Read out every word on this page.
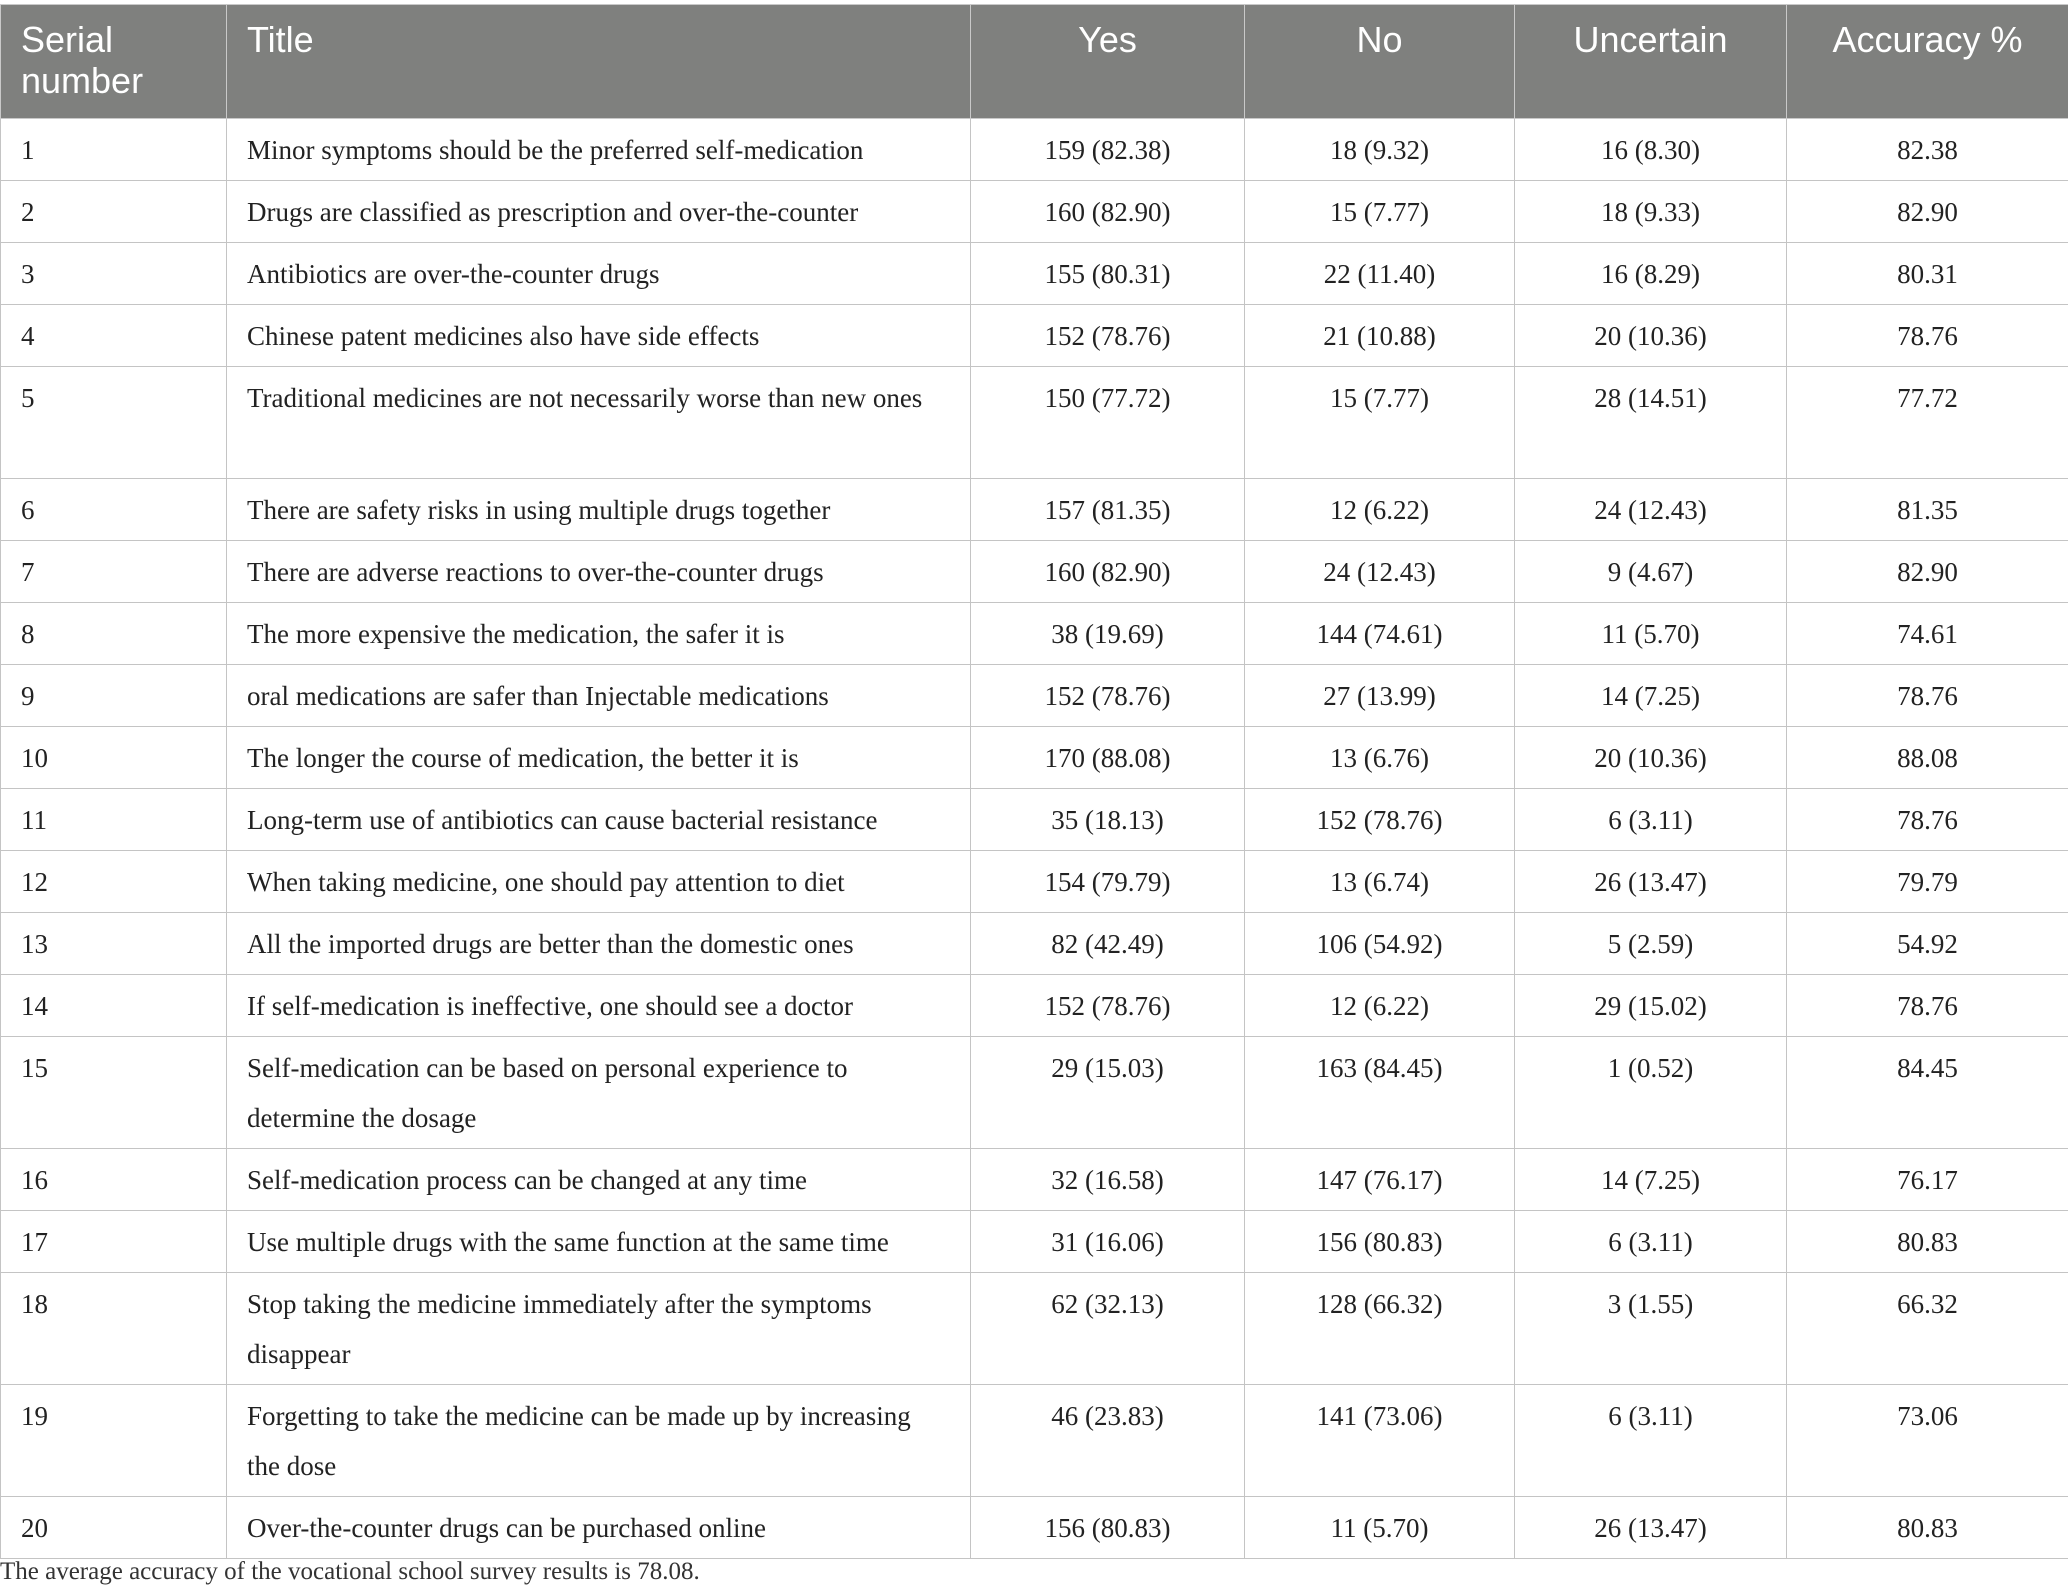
Serial number	Title	Yes	No	Uncertain	Accuracy %
1	Minor symptoms should be the preferred self-medication	159 (82.38)	18 (9.32)	16 (8.30)	82.38
2	Drugs are classified as prescription and over-the-counter	160 (82.90)	15 (7.77)	18 (9.33)	82.90
3	Antibiotics are over-the-counter drugs	155 (80.31)	22 (11.40)	16 (8.29)	80.31
4	Chinese patent medicines also have side effects	152 (78.76)	21 (10.88)	20 (10.36)	78.76
5	Traditional medicines are not necessarily worse than new ones	150 (77.72)	15 (7.77)	28 (14.51)	77.72
6	There are safety risks in using multiple drugs together	157 (81.35)	12 (6.22)	24 (12.43)	81.35
7	There are adverse reactions to over-the-counter drugs	160 (82.90)	24 (12.43)	9 (4.67)	82.90
8	The more expensive the medication, the safer it is	38 (19.69)	144 (74.61)	11 (5.70)	74.61
9	oral medications are safer than Injectable medications	152 (78.76)	27 (13.99)	14 (7.25)	78.76
10	The longer the course of medication, the better it is	170 (88.08)	13 (6.76)	20 (10.36)	88.08
11	Long-term use of antibiotics can cause bacterial resistance	35 (18.13)	152 (78.76)	6 (3.11)	78.76
12	When taking medicine, one should pay attention to diet	154 (79.79)	13 (6.74)	26 (13.47)	79.79
13	All the imported drugs are better than the domestic ones	82 (42.49)	106 (54.92)	5 (2.59)	54.92
14	If self-medication is ineffective, one should see a doctor	152 (78.76)	12 (6.22)	29 (15.02)	78.76
15	Self-medication can be based on personal experience to determine the dosage	29 (15.03)	163 (84.45)	1 (0.52)	84.45
16	Self-medication process can be changed at any time	32 (16.58)	147 (76.17)	14 (7.25)	76.17
17	Use multiple drugs with the same function at the same time	31 (16.06)	156 (80.83)	6 (3.11)	80.83
18	Stop taking the medicine immediately after the symptoms disappear	62 (32.13)	128 (66.32)	3 (1.55)	66.32
19	Forgetting to take the medicine can be made up by increasing the dose	46 (23.83)	141 (73.06)	6 (3.11)	73.06
20	Over-the-counter drugs can be purchased online	156 (80.83)	11 (5.70)	26 (13.47)	80.83
The average accuracy of the vocational school survey results is 78.08.
